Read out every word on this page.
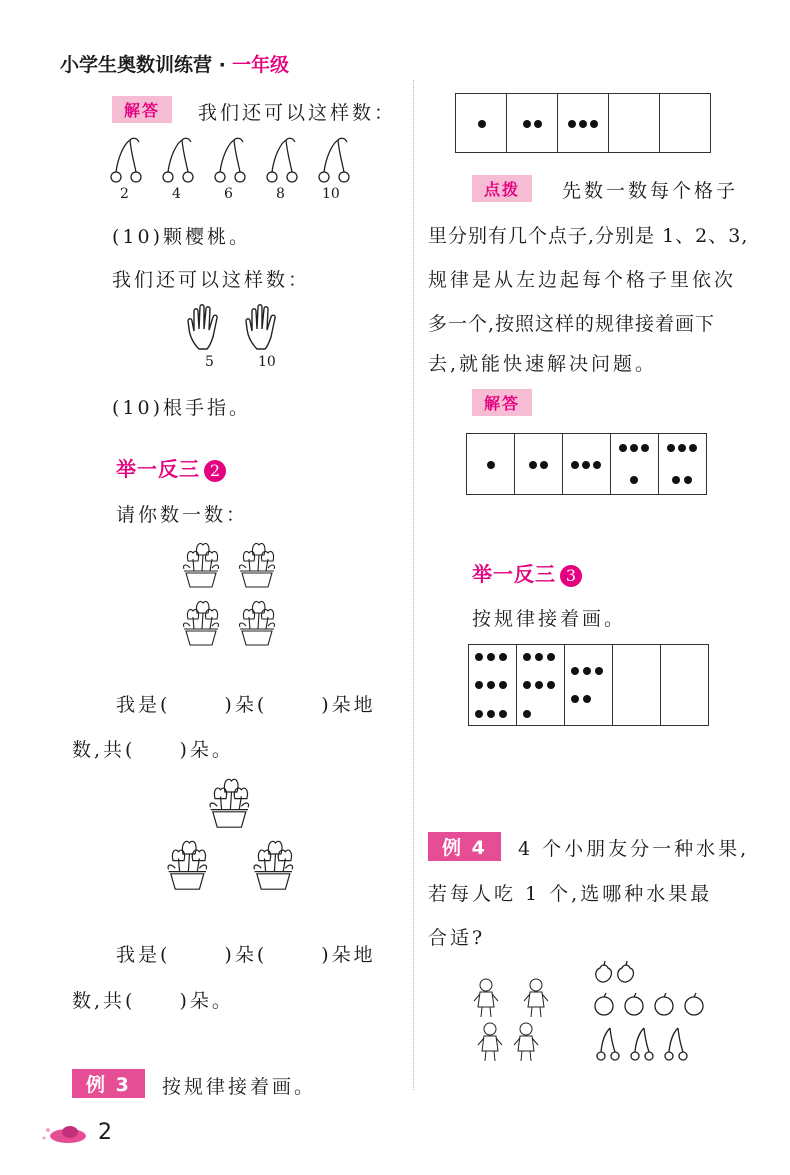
小学生奥数训练营 · 一年级
解答	我们还可以这样数：
2	4	6	8	10
(10)颗樱桃。
我们还可以这样数：
5	10
(10)根手指。
举一反三 2
请你数一数：
我是(	)朵(	)朵地
数,共( )朵。
我是(	)朵(	)朵地
数,共( )朵。
例 3	按规律接着画。

点拨	先数一数每个格子
里分别有几个点子,分别是 1、2、3,
规律是从左边起每个格子里依次
多一个,按照这样的规律接着画下
去,就能快速解决问题。
解答

举一反三 3
按规律接着画。

例 4	4 个小朋友分一种水果,
若每人吃 1 个,选哪种水果最
合适?
2
